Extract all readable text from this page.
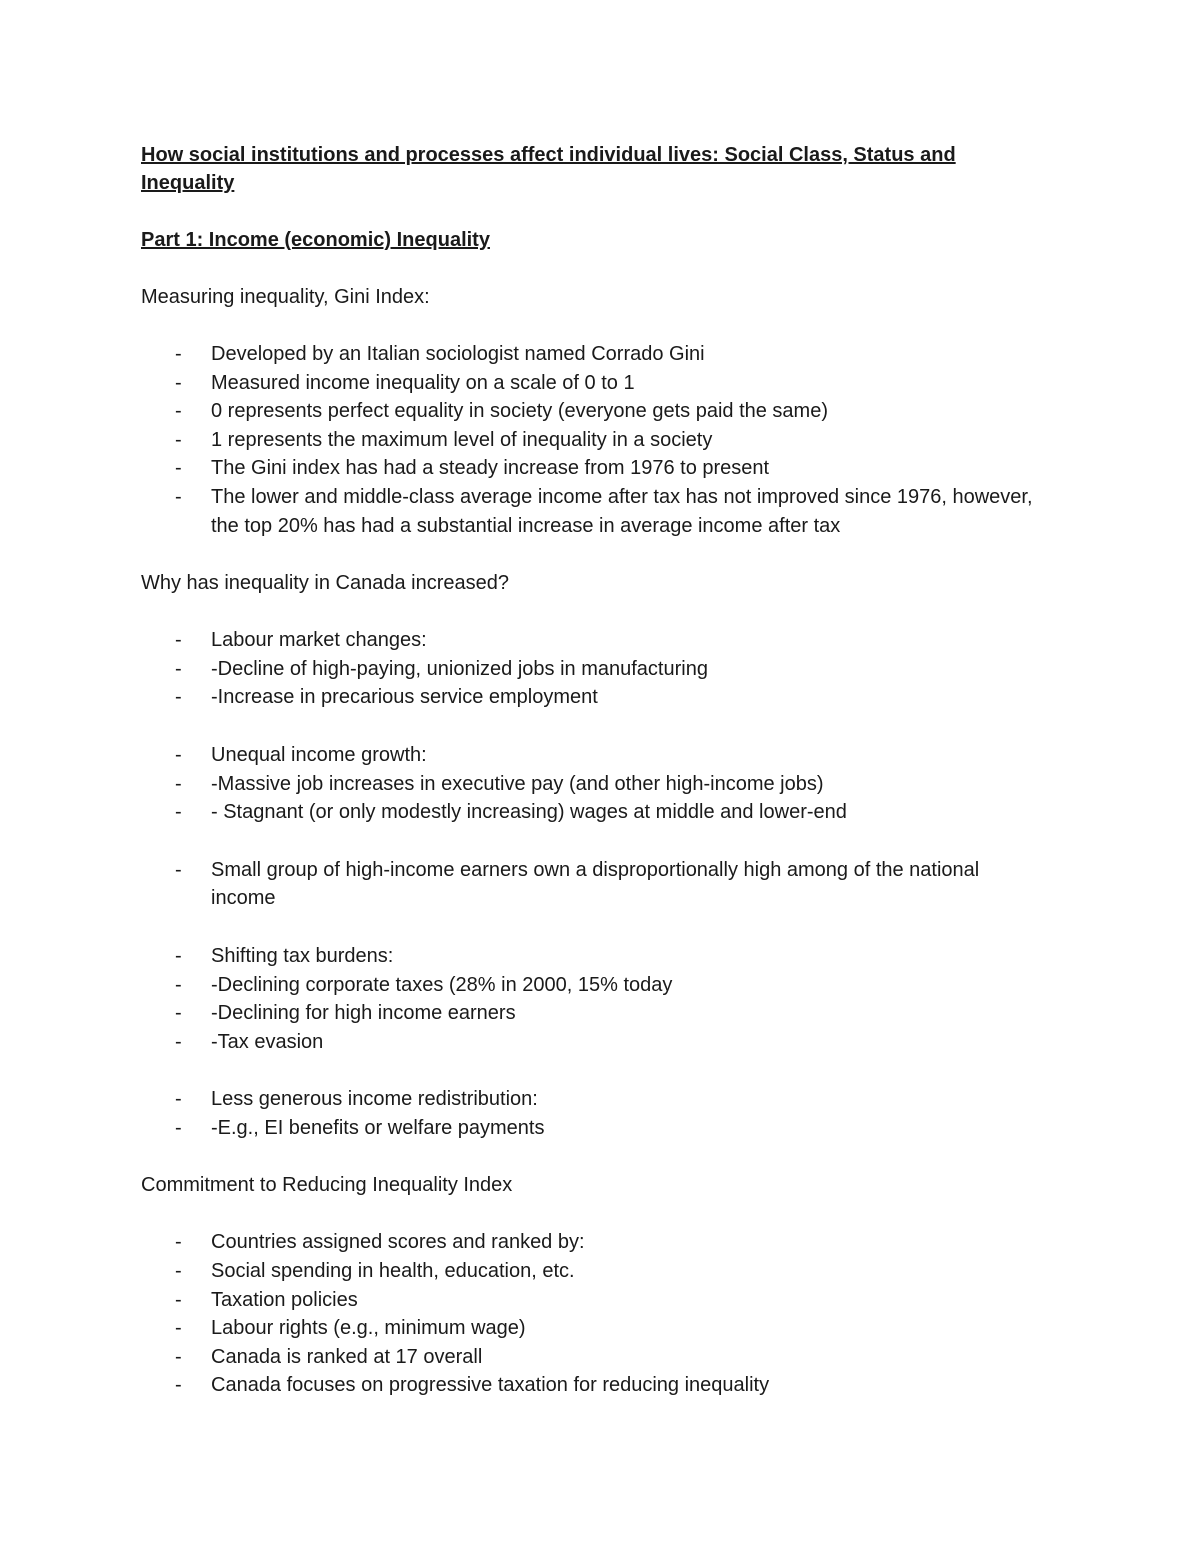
How social institutions and processes affect individual lives: Social Class, Status and Inequality
Part 1: Income (economic) Inequality

Measuring inequality, Gini Index:

- Developed by an Italian sociologist named Corrado Gini
- Measured income inequality on a scale of 0 to 1
- 0 represents perfect equality in society (everyone gets paid the same)
- 1 represents the maximum level of inequality in a society
- The Gini index has had a steady increase from 1976 to present
- The lower and middle-class average income after tax has not improved since 1976, however, the top 20% has had a substantial increase in average income after tax

Why has inequality in Canada increased?

- Labour market changes:
- -Decline of high-paying, unionized jobs in manufacturing
- -Increase in precarious service employment
- Unequal income growth:
- -Massive job increases in executive pay (and other high-income jobs)
- - Stagnant (or only modestly increasing) wages at middle and lower-end
- Small group of high-income earners own a disproportionally high among of the national income
- Shifting tax burdens:
- -Declining corporate taxes (28% in 2000, 15% today
- -Declining for high income earners
- -Tax evasion
- Less generous income redistribution:
- -E.g., EI benefits or welfare payments

Commitment to Reducing Inequality Index

- Countries assigned scores and ranked by:
- Social spending in health, education, etc.
- Taxation policies
- Labour rights (e.g., minimum wage)
- Canada is ranked at 17 overall
- Canada focuses on progressive taxation for reducing inequality
